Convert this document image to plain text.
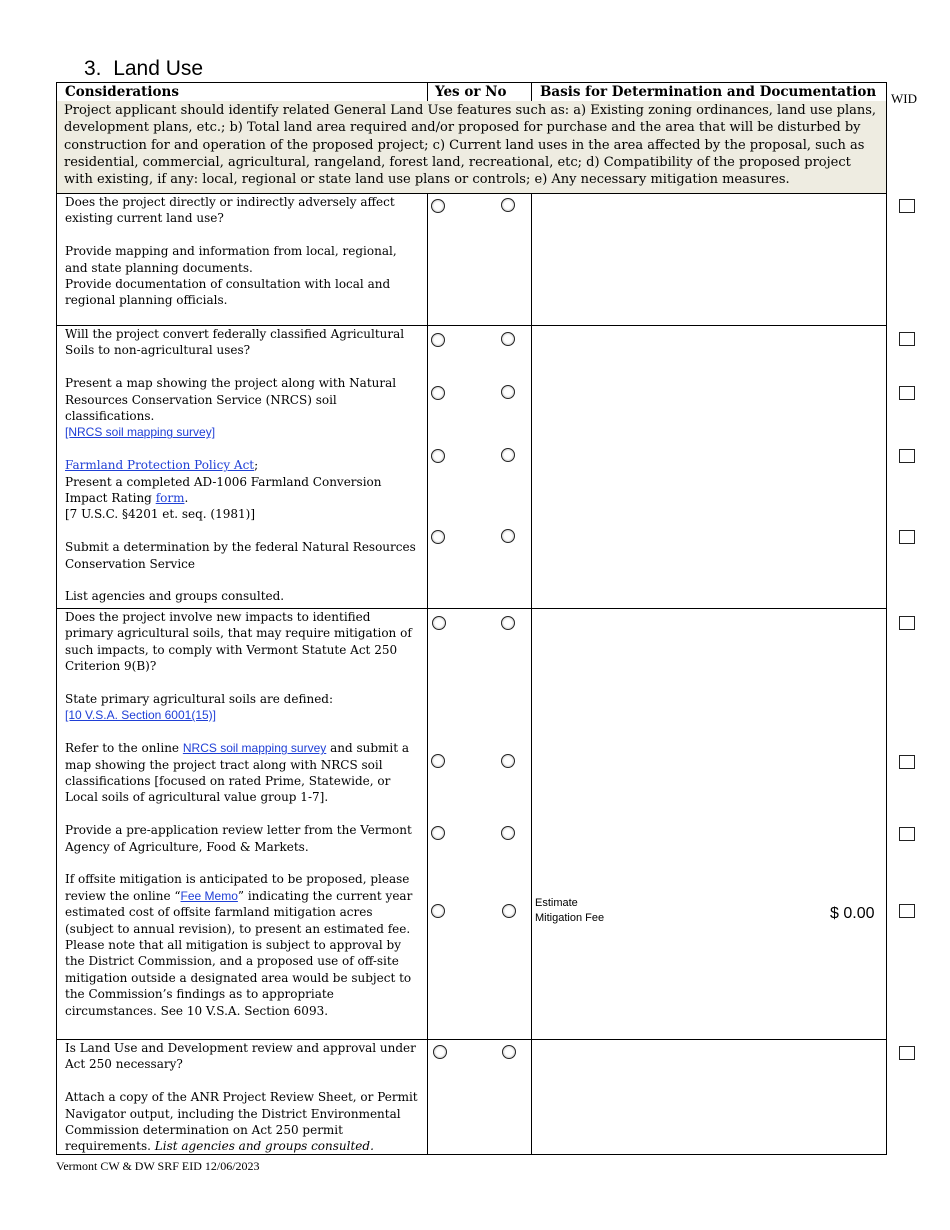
3. Land Use
WID
Considerations	Yes or No Basis for Determination and Documentation
Project applicant should identify related General Land Use features such as: a) Existing zoning ordinances, land use plans, development plans, etc.; b) Total land area required and/or proposed for purchase and the area that will be disturbed by construction for and operation of the proposed project; c) Current land uses in the area affected by the proposal, such as residential, commercial, agricultural, rangeland, forest land, recreational, etc; d) Compatibility of the proposed project with existing, if any: local, regional or state land use plans or controls; e) Any necessary mitigation measures.

Does the project directly or indirectly adversely affect existing current land use?

Provide mapping and information from local, regional, and state planning documents.

Provide documentation of consultation with local and regional planning officials.

Will the project convert federally classified Agricultural Soils to non-agricultural uses?

Present a map showing the project along with Natural Resources Conservation Service (NRCS) soil classifications.

[NRCS soil mapping survey]

Farmland Protection Policy Act;

Present a completed AD-1006 Farmland Conversion Impact Rating form.

[7 U.S.C. §4201 et. seq. (1981)]

Submit a determination by the federal Natural Resources Conservation Service

List agencies and groups consulted.

Does the project involve new impacts to identified primary agricultural soils, that may require mitigation of such impacts, to comply with Vermont Statute Act 250 Criterion 9(B)?

State primary agricultural soils are defined:

[10 V.S.A. Section 6001(15)]

Refer to the online NRCS soil mapping survey and submit a map showing the project tract along with NRCS soil classifications [focused on rated Prime, Statewide, or Local soils of agricultural value group 1-7].

Provide a pre-application review letter from the Vermont Agency of Agriculture, Food & Markets.

If offsite mitigation is anticipated to be proposed, please review the online “Fee Memo” indicating the current year estimated cost of offsite farmland mitigation acres (subject to annual revision), to present an estimated fee. Please note that all mitigation is subject to approval by the District Commission, and a proposed use of off-site mitigation outside a designated area would be subject to the Commission’s findings as to appropriate circumstances. See 10 V.S.A. Section 6093.

Is Land Use and Development review and approval under Act 250 necessary?

Attach a copy of the ANR Project Review Sheet, or Permit Navigator output, including the District Environmental Commission determination on Act 250 permit requirements. List agencies and groups consulted.

Estimate
Mitigation Fee	$ 0.00
Vermont CW & DW SRF EID 12/06/2023
